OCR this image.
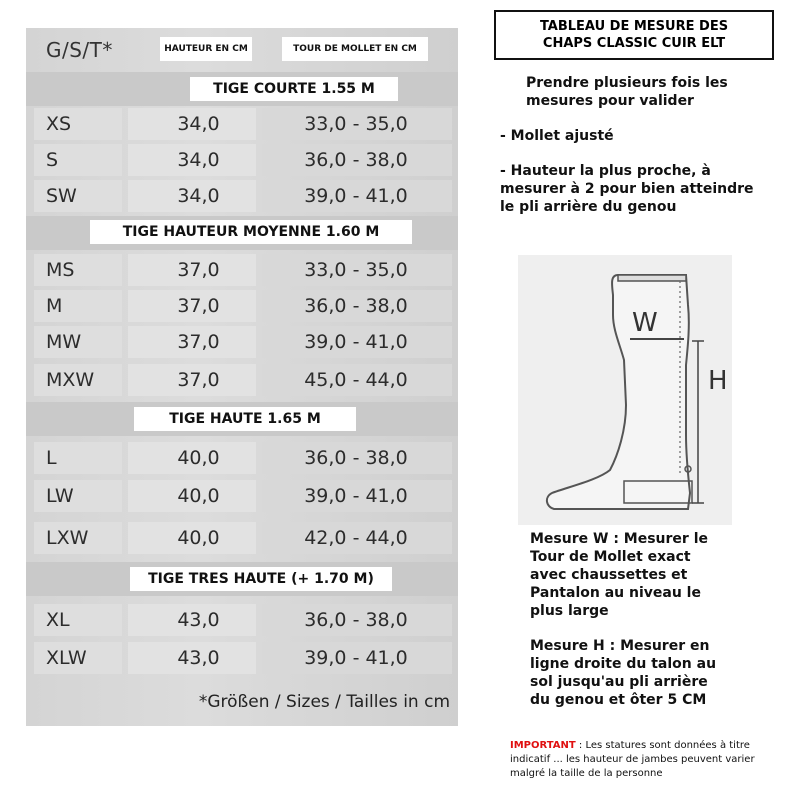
G/S/T*	HAUTEUR EN CM	TOUR DE MOLLET EN CM
TIGE COURTE 1.55 M
XS	34,0	33,0 - 35,0
S	34,0	36,0 - 38,0
SW	34,0	39,0 - 41,0
TIGE HAUTEUR MOYENNE 1.60 M
MS	37,0	33,0 - 35,0
M	37,0	36,0 - 38,0
MW	37,0	39,0 - 41,0
MXW	37,0	45,0 - 44,0
TIGE HAUTE 1.65 M
L	40,0	36,0 - 38,0
LW	40,0	39,0 - 41,0
LXW	40,0	42,0 - 44,0
TIGE TRES HAUTE (+ 1.70 M)
XL	43,0	36,0 - 38,0
XLW	43,0	39,0 - 41,0
*Größen / Sizes / Tailles in cm
TABLEAU DE MESURE DES
CHAPS CLASSIC CUIR ELT
Prendre plusieurs fois les
mesures pour valider
- Mollet ajusté
- Hauteur la plus proche, à
mesurer à 2 pour bien atteindre
le pli arrière du genou
W
H
Mesure W : Mesurer le
Tour de Mollet exact
avec chaussettes et
Pantalon au niveau le
plus large
Mesure H : Mesurer en
ligne droite du talon au
sol jusqu'au pli arrière
du genou et ôter 5 CM
IMPORTANT : Les statures sont données à titre indicatif ... les hauteur de jambes peuvent varier malgré la taille de la personne
